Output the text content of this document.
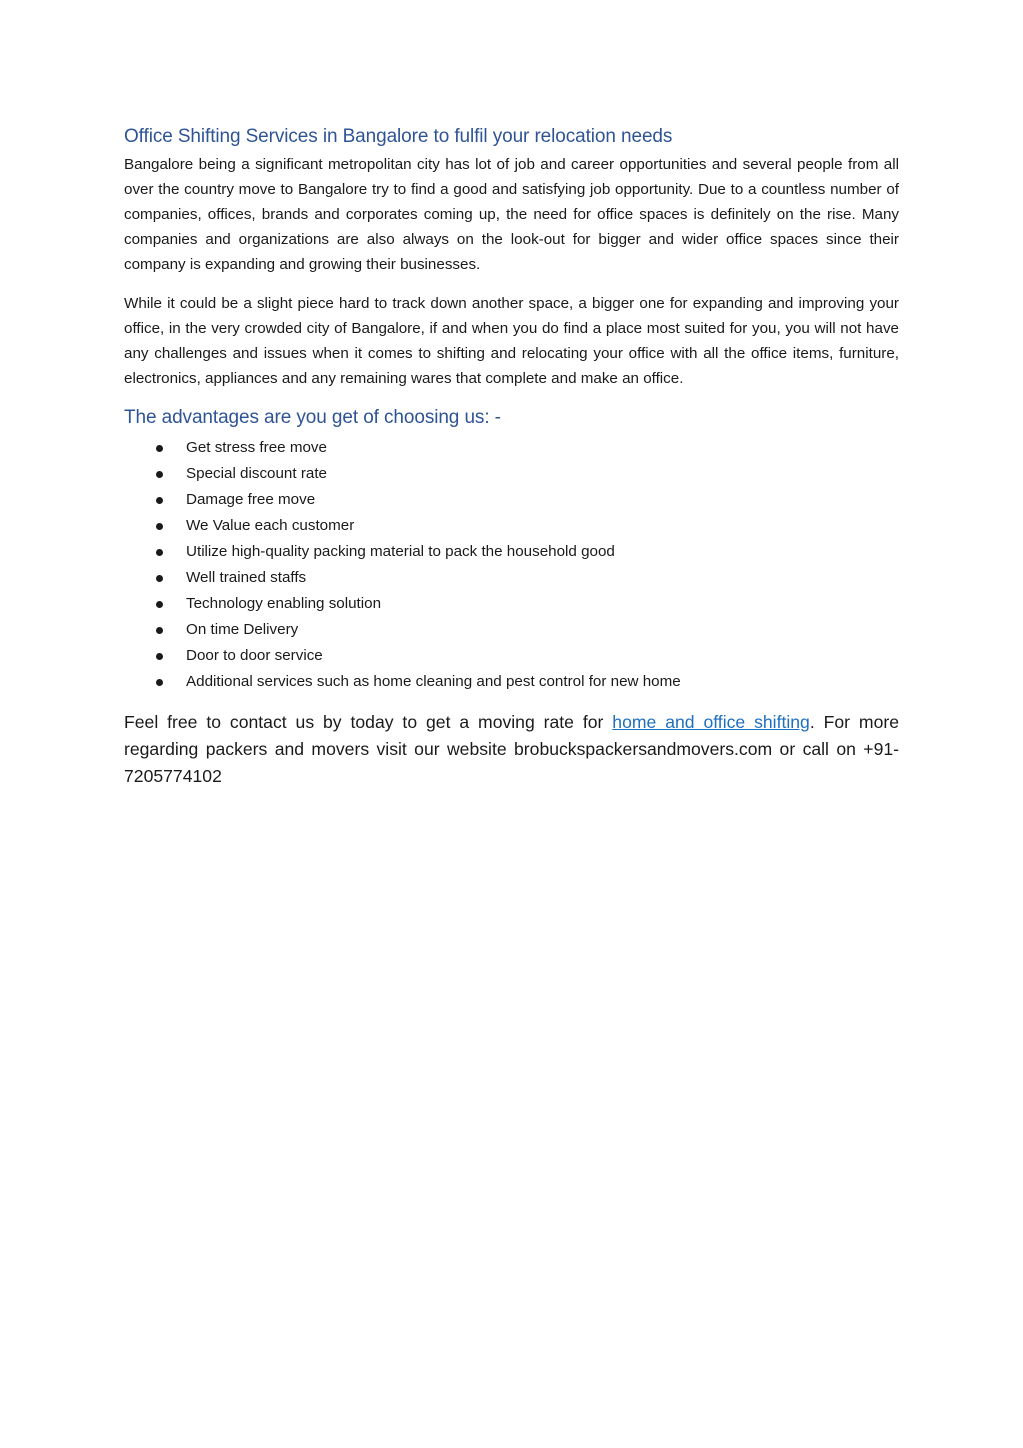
Office Shifting Services in Bangalore to fulfil your relocation needs

Bangalore being a significant metropolitan city has lot of job and career opportunities and several people from all over the country move to Bangalore try to find a good and satisfying job opportunity. Due to a countless number of companies, offices, brands and corporates coming up, the need for office spaces is definitely on the rise. Many companies and organizations are also always on the look-out for bigger and wider office spaces since their company is expanding and growing their businesses.

While it could be a slight piece hard to track down another space, a bigger one for expanding and improving your office, in the very crowded city of Bangalore, if and when you do find a place most suited for you, you will not have any challenges and issues when it comes to shifting and relocating your office with all the office items, furniture, electronics, appliances and any remaining wares that complete and make an office.

The advantages are you get of choosing us: -
Get stress free move
Special discount rate
Damage free move
We Value each customer
Utilize high-quality packing material to pack the household good
Well trained staffs
Technology enabling solution
On time Delivery
Door to door service
Additional services such as home cleaning and pest control for new home

Feel free to contact us by today to get a moving rate for home and office shifting. For more regarding packers and movers visit our website brobuckspackersandmovers.com or call on +91-7205774102
